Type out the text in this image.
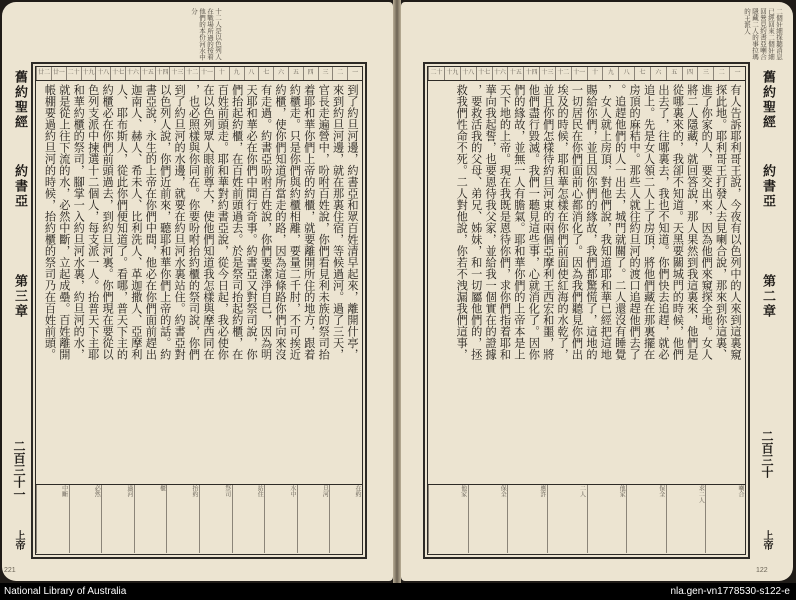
十二人是以色列人在戰場所過的按着他們的本份河水中分
舊約聖經
約書亞
第三章
二百三十一
上帝
一
二
三
四
五
六
七
八
九
十
十一
十二
十三
十四
十五
十六
十七
十八
十九
二十
廿一
廿二
到了約旦河邊，約書亞和眾百姓清早起來，離開什亭，
來到約旦河邊，就在那裏住宿，等候過河。過了三天，
官長走遍營中，吩咐百姓說，你們看見利未族的祭司抬
着耶和華你們上帝的約櫃，就要離開所住的地方，跟着
約櫃走。只是你們與約櫃相離，要量二千肘，不可挨近
約櫃，使你們知道所當走的路，因為這條路你們向來沒
有走過。約書亞吩咐百姓說，你們要潔淨自己，因為明
天耶和華必在你們中間行奇事。約書亞又對祭司說，你
們抬起約櫃，在百姓前頭過去。於是祭司抬起約櫃，在
百姓前頭走。耶和華對約書亞說，從今日起，我必使你
在以色列眾人眼前尊大，使他們知道我怎樣與摩西同在
，也必照樣與你同在。你要吩咐抬約櫃的祭司說，你們
到了約旦河的水邊，就要在約旦河水裏站住。約書亞對
以色列人說，你們近前來，聽耶和華你們上帝的話。約
書亞說，永生的上帝在你們中間，他必在你們面前趕出
迦南人、赫人、希未人、比利洗人、革迦撒人、亞摩利
人、耶布斯人，從此你們便知道了。看哪，普天下主的
約櫃必在你們前頭過去，到約旦河裏。你們現在要從以
色列支派中揀選十二個人，每支派一人。抬普天下主耶
和華約櫃的祭司，腳掌一入約旦河水裏，約旦河的水，
就是從上往下流的水，必然中斷，立起成壘。百姓離開
帳棚要過約旦河的時候，抬約櫃的祭司乃在百姓前頭。
在約
旦河
水中
站住
祭司
抬約
櫃
過河
必然
中斷
221
二個奸細探聽消息已經回來二個奸細回營見約書亞喇合隱藏二人的事拉瑪的王派人
一
二
三
四
五
六
七
八
九
十
十一
十二
十三
十四
十五
十六
十七
十八
十九
二十
有人告訴耶利哥王說，今夜有以色列中的人來到這裏窺
探此地。耶利哥王打發人去見喇合說，那來到你這裏、
進了你家的人，要交出來，因為他們來窺探全地。女人
將二人隱藏，就回答說，那人果然到我這裏來，他們是
從哪裏來的，我卻不知道。天黑要關城門的時候，他們
出去了，往哪裏去，我也不知道。你們快去追趕，就必
追上。先是女人領二人上了房頂，將他們藏在那裏擺在
房頂的麻秸中。那些人就往約旦河的渡口追趕他們去了
。追趕他們的人一出去，城門就關了。二人還沒有睡覺
，女人就上房頂，對他們說，我知道耶和華已經把這地
賜給你們，並且因你們的緣故，我們都驚慌了，這地的
一切居民在你們面前心都消化了。因為我們聽見你們出
埃及的時候，耶和華怎樣在你們前面使紅海的水乾了，
並且你們怎樣待約旦河東的兩個亞摩利王西宏和噩，將
他們盡行毀滅。我們一聽見這些事，心就消化了。因你
們的緣故，並無一人有膽氣。耶和華你們的上帝本是上
天下地的上帝。現在我既是恩待你們，求你們指着耶和
華向我起誓，也要恩待我父家，並給我一個實在的證據
，要救活我的父母、弟兄、姊妹，和一切屬他們的，拯
救我們性命不死。二人對他說，你若不洩漏我們這事，
喇合
求二人
保全
他家
二人
應許
保全
他家
舊約聖經
約書亞
第二章
二百三十
上帝
122
National Library of Australia	nla.gen-vn1778530-s122-e
